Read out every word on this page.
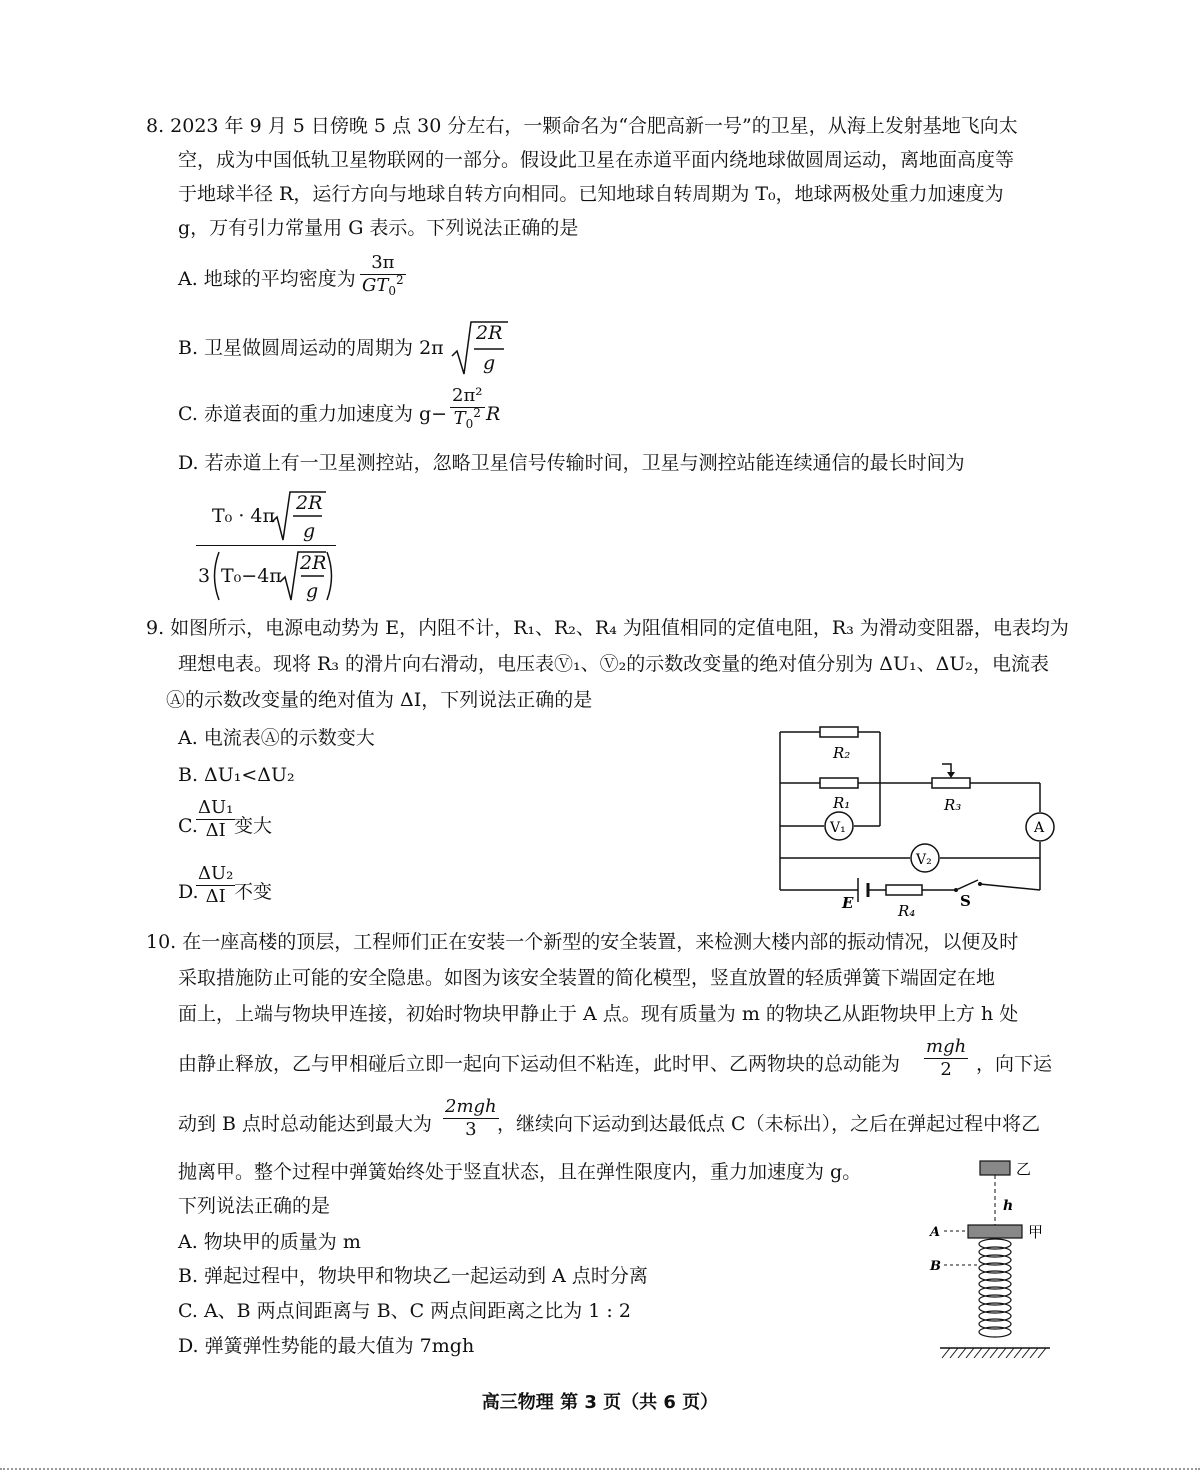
8. 2023 年 9 月 5 日傍晚 5 点 30 分左右，一颗命名为“合肥高新一号”的卫星，从海上发射基地飞向太
空，成为中国低轨卫星物联网的一部分。假设此卫星在赤道平面内绕地球做圆周运动，离地面高度等
于地球半径 R，运行方向与地球自转方向相同。已知地球自转周期为 T₀，地球两极处重力加速度为
g，万有引力常量用 G 表示。下列说法正确的是
A. 地球的平均密度为 $\frac{3\pi}{GT_0^2}$
B. 卫星做圆周运动的周期为 2π
2R
g
C. 赤道表面的重力加速度为 $g- \frac{\text{2π²}}{T_0^2}$ R
D. 若赤道上有一卫星测控站，忽略卫星信号传输时间，卫星与测控站能连续通信的最长时间为
T₀ · 4π
2R
g
3 T₀−4π
2R
g
9. 如图所示，电源电动势为 E，内阻不计，R₁、R₂、R₄ 为阻值相同的定值电阻，R₃ 为滑动变阻器，电表均为
理想电表。现将 R₃ 的滑片向右滑动，电压表Ⓥ₁、Ⓥ₂的示数改变量的绝对值分别为 ΔU₁、ΔU₂，电流表
Ⓐ的示数改变量的绝对值为 ΔI，下列说法正确的是
A. 电流表Ⓐ的示数变大
B. ΔU₁<ΔU₂
C.
$\frac{\text{ΔU₁}}{\Delta I}$
变大
D.
$\frac{\text{ΔU₂}}{\Delta I}$
不变
R₂
R₁	R₃
R₄
V₁
V₂
A
E	S
10. 在一座高楼的顶层，工程师们正在安装一个新型的安全装置，来检测大楼内部的振动情况，以便及时
采取措施防止可能的安全隐患。如图为该安全装置的简化模型，竖直放置的轻质弹簧下端固定在地
面上，上端与物块甲连接，初始时物块甲静止于 A 点。现有质量为 m 的物块乙从距物块甲上方 h 处
由静止释放，乙与甲相碰后立即一起向下运动但不粘连，此时甲、乙两物块的总动能为
mgh
2	，向下运
动到 B 点时总动能达到最大为
2mgh
3	，继续向下运动到达最低点 C（未标出），之后在弹起过程中将乙
抛离甲。整个过程中弹簧始终处于竖直状态，且在弹性限度内，重力加速度为 g。
下列说法正确的是
A. 物块甲的质量为 m
B. 弹起过程中，物块甲和物块乙一起运动到 A 点时分离
C. A、B 两点间距离与 B、C 两点间距离之比为 1 : 2
D. 弹簧弹性势能的最大值为 7mgh
乙
h
甲
A
B
高三物理 第 3 页（共 6 页）
